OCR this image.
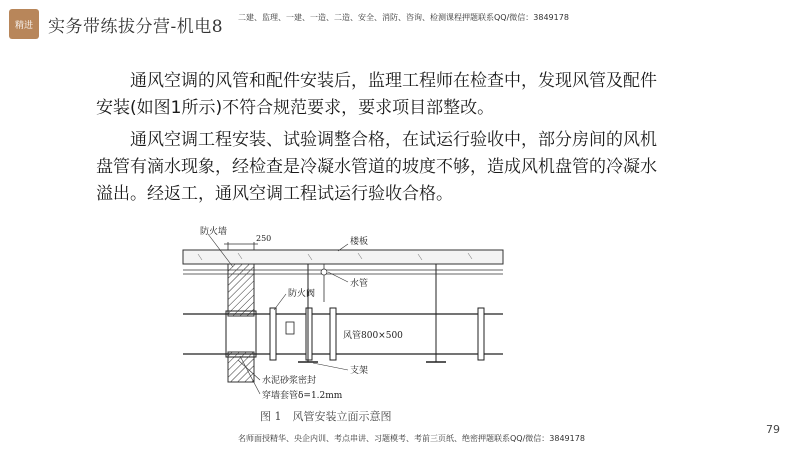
精进 实务带练拔分营-机电8 二建、监理、一建、一造、二造、安全、消防、咨询、检测课程押题联系QQ/微信：3849178

通风空调的风管和配件安装后，监理工程师在检查中，发现风管及配件安装(如图1所示)不符合规范要求，要求项目部整改。

通风空调工程安装、试验调整合格，在试运行验收中，部分房间的风机盘管有滴水现象，经检查是冷凝水管道的坡度不够，造成风机盘管的冷凝水溢出。经返工，通风空调工程试运行验收合格。

防火墙
250	楼板
水管
防火阀
风管800×500
水泥砂浆密封
支架
穿墙套管δ=1.2mm
图 1　风管安装立面示意图
名师面授精华、央企内训、考点串讲、习题模考、考前三页纸、绝密押题联系QQ/微信：3849178
79
